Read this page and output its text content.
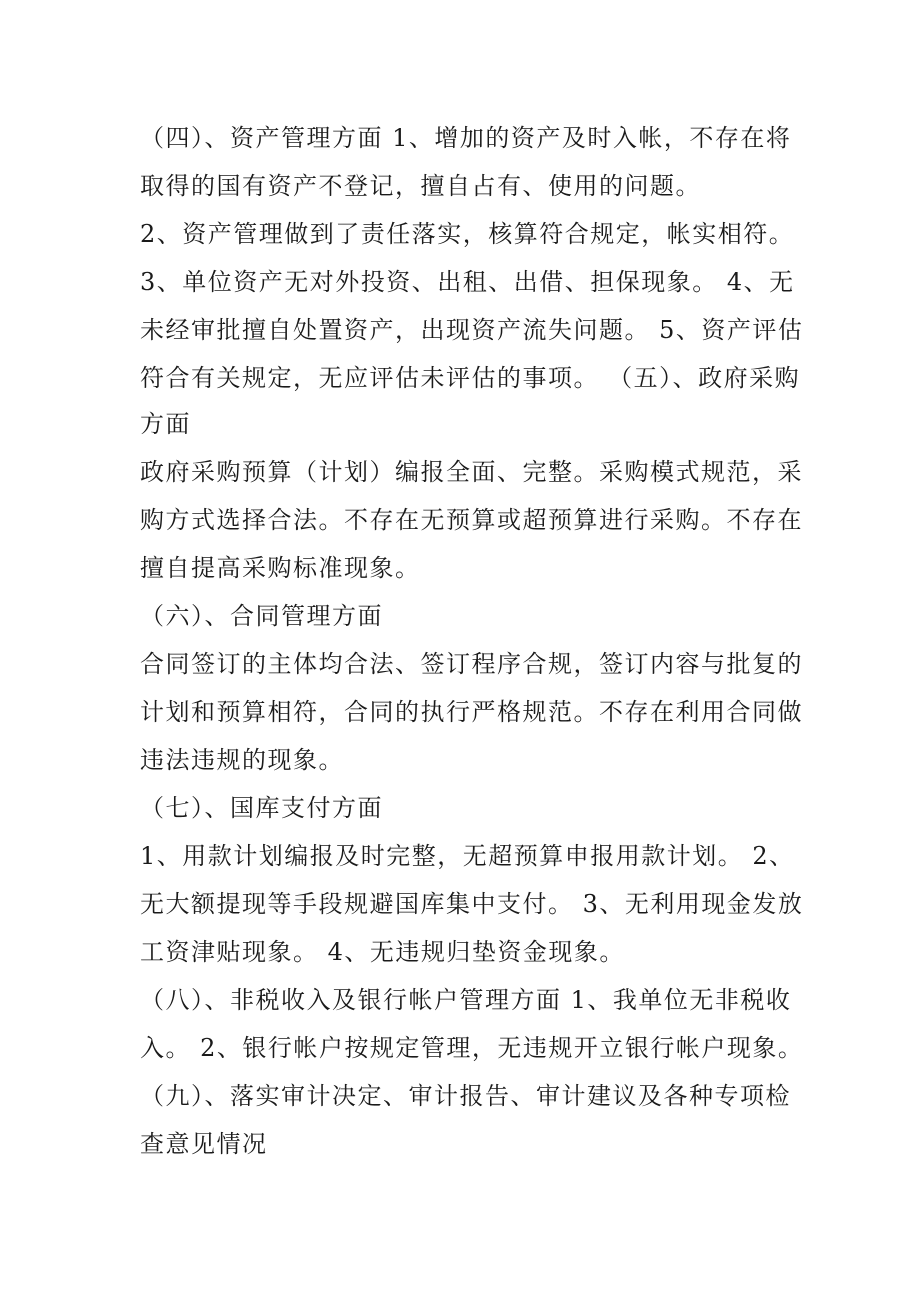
（四）、资产管理方面 1、增加的资产及时入帐，不存在将
取得的国有资产不登记，擅自占有、使用的问题。
2、资产管理做到了责任落实，核算符合规定，帐实相符。
3、单位资产无对外投资、出租、出借、担保现象。 4、无
未经审批擅自处置资产，出现资产流失问题。 5、资产评估
符合有关规定，无应评估未评估的事项。 （五）、政府采购
方面
政府采购预算（计划）编报全面、完整。采购模式规范，采
购方式选择合法。不存在无预算或超预算进行采购。不存在
擅自提高采购标准现象。
（六）、合同管理方面
合同签订的主体均合法、签订程序合规，签订内容与批复的
计划和预算相符，合同的执行严格规范。不存在利用合同做
违法违规的现象。
（七）、国库支付方面
1、用款计划编报及时完整，无超预算申报用款计划。 2、
无大额提现等手段规避国库集中支付。 3、无利用现金发放
工资津贴现象。 4、无违规归垫资金现象。
（八）、非税收入及银行帐户管理方面 1、我单位无非税收
入。 2、银行帐户按规定管理，无违规开立银行帐户现象。
（九）、落实审计决定、审计报告、审计建议及各种专项检
查意见情况
